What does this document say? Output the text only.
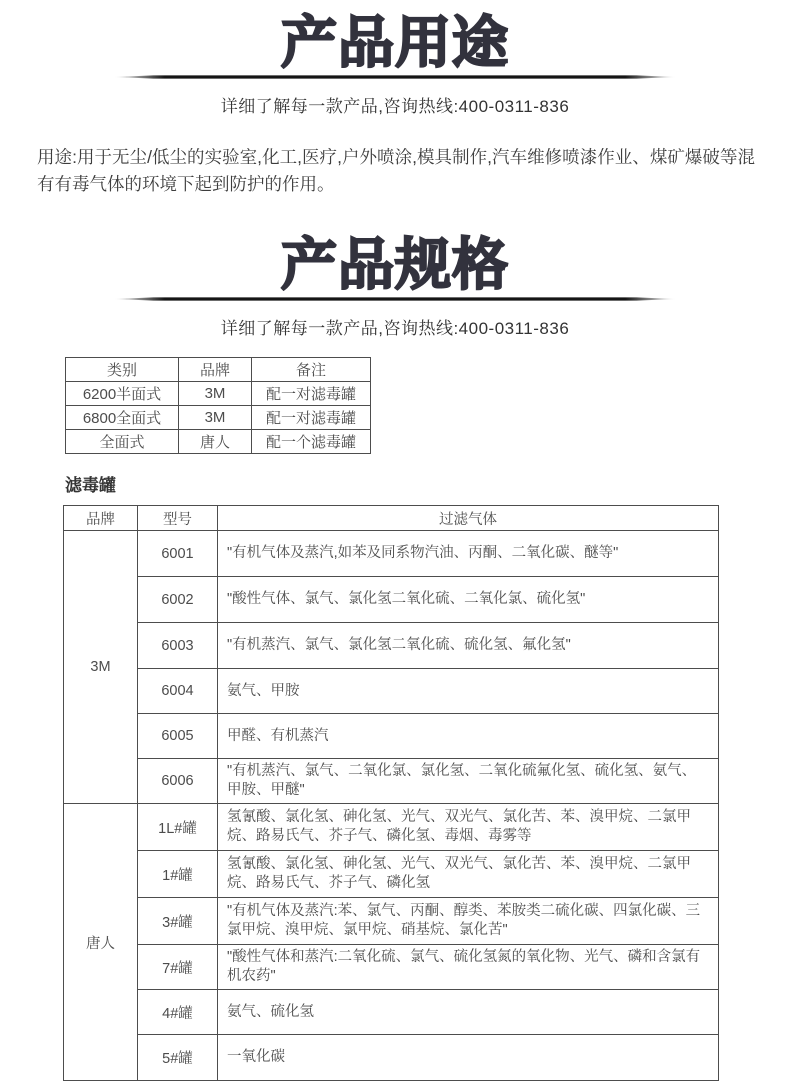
产品用途

详细了解每一款产品,咨询热线:400-0311-836

用途:用于无尘/低尘的实验室,化工,医疗,户外喷涂,模具制作,汽车维修喷漆作业、煤矿爆破等混有有毒气体的环境下起到防护的作用。

产品规格

详细了解每一款产品,咨询热线:400-0311-836

类别	品牌	备注
6200半面式	3M	配一对滤毒罐
6800全面式	3M	配一对滤毒罐
全面式	唐人	配一个滤毒罐
滤毒罐
品牌	型号	过滤气体
3M	6001	"有机气体及蒸汽,如苯及同系物汽油、丙酮、二氧化碳、醚等"
	6002	"酸性气体、氯气、氯化氢二氧化硫、二氧化氯、硫化氢"
	6003	"有机蒸汽、氯气、氯化氢二氧化硫、硫化氢、氟化氢"
	6004	氨气、甲胺
	6005	甲醛、有机蒸汽
	6006	"有机蒸汽、氯气、二氧化氯、氯化氢、二氧化硫氟化氢、硫化氢、氨气、甲胺、甲醚"
唐人	1L#罐	氢氰酸、氯化氢、砷化氢、光气、双光气、氯化苦、苯、溴甲烷、二氯甲烷、路易氏气、芥子气、磷化氢、毒烟、毒雾等
	1#罐	氢氰酸、氯化氢、砷化氢、光气、双光气、氯化苦、苯、溴甲烷、二氯甲烷、路易氏气、芥子气、磷化氢
	3#罐	"有机气体及蒸汽:苯、氯气、丙酮、醇类、苯胺类二硫化碳、四氯化碳、三氯甲烷、溴甲烷、氯甲烷、硝基烷、氯化苦"
	7#罐	"酸性气体和蒸汽:二氧化硫、氯气、硫化氢氮的氧化物、光气、磷和含氯有机农药"
	4#罐	氨气、硫化氢
	5#罐	一氧化碳
